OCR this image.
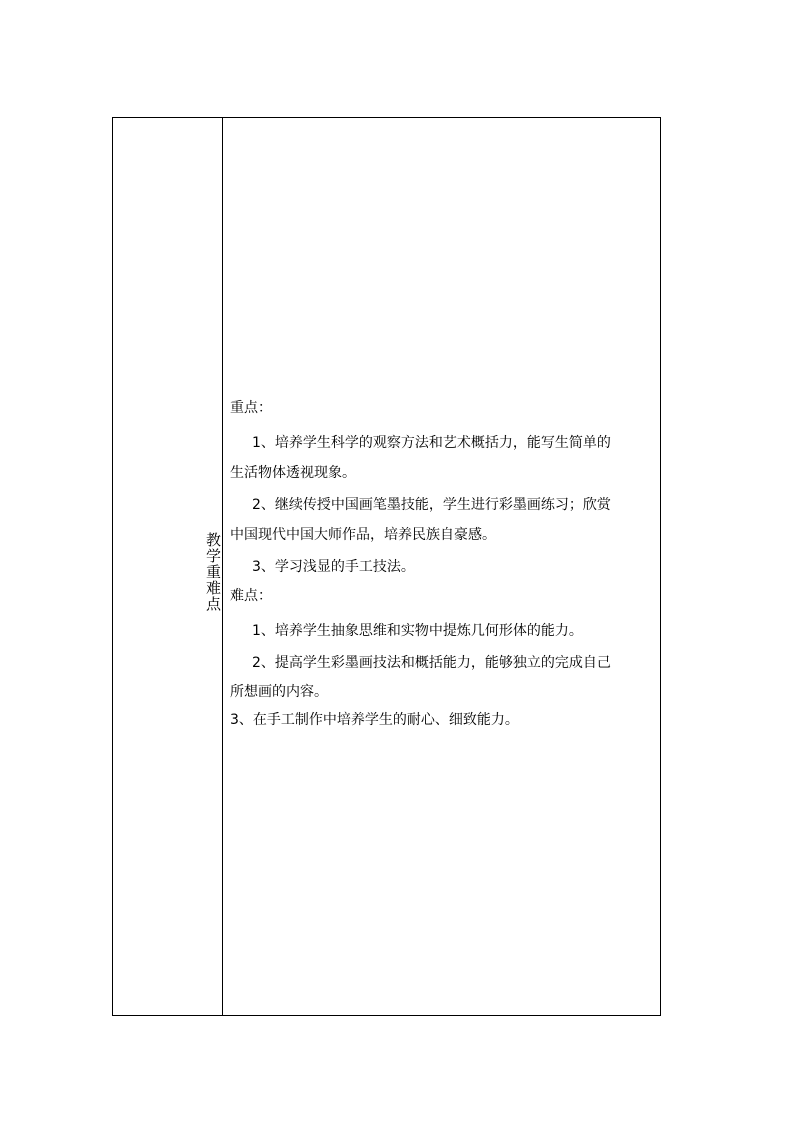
教学重难点

重点：

1、培养学生科学的观察方法和艺术概括力，能写生简单的

生活物体透视现象。

2、继续传授中国画笔墨技能，学生进行彩墨画练习；欣赏

中国现代中国大师作品，培养民族自豪感。

3、学习浅显的手工技法。

难点：

1、培养学生抽象思维和实物中提炼几何形体的能力。

2、提高学生彩墨画技法和概括能力，能够独立的完成自己

所想画的内容。

3、在手工制作中培养学生的耐心、细致能力。
